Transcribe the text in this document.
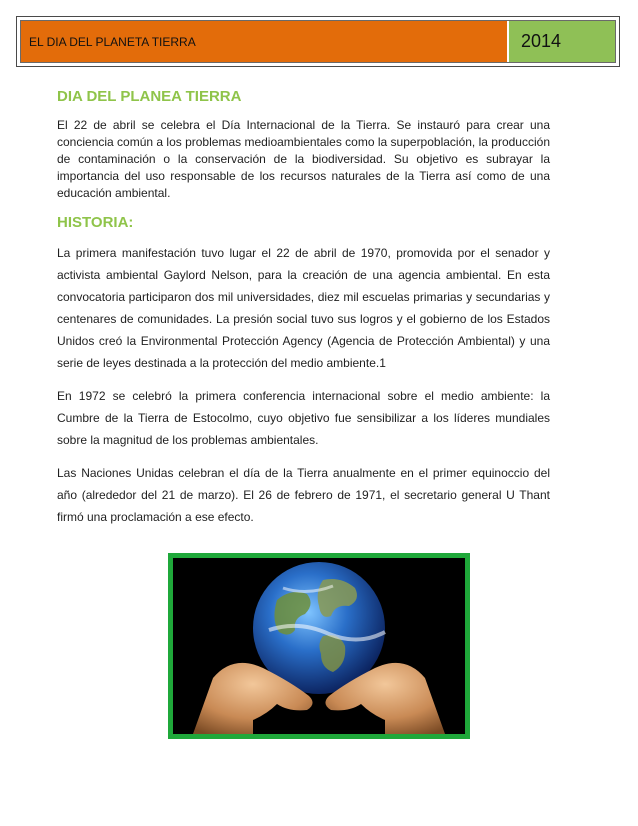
EL DIA DEL PLANETA TIERRA	2014
DIA DEL PLANEA TIERRA

El 22 de abril se celebra el Día Internacional de la Tierra. Se instauró para crear una conciencia común a los problemas medioambientales como la superpoblación, la producción de contaminación o la conservación de la biodiversidad. Su objetivo es subrayar la importancia del uso responsable de los recursos naturales de la Tierra así como de una educación ambiental.

HISTORIA:

La primera manifestación tuvo lugar el 22 de abril de 1970, promovida por el senador y activista ambiental Gaylord Nelson, para la creación de una agencia ambiental. En esta convocatoria participaron dos mil universidades, diez mil escuelas primarias y secundarias y centenares de comunidades. La presión social tuvo sus logros y el gobierno de los Estados Unidos creó la Environmental Protección Agency (Agencia de Protección Ambiental) y una serie de leyes destinada a la protección del medio ambiente.1

En 1972 se celebró la primera conferencia internacional sobre el medio ambiente: la Cumbre de la Tierra de Estocolmo, cuyo objetivo fue sensibilizar a los líderes mundiales sobre la magnitud de los problemas ambientales.

Las Naciones Unidas celebran el día de la Tierra anualmente en el primer equinoccio del año (alrededor del 21 de marzo). El 26 de febrero de 1971, el secretario general U Thant firmó una proclamación a ese efecto.
